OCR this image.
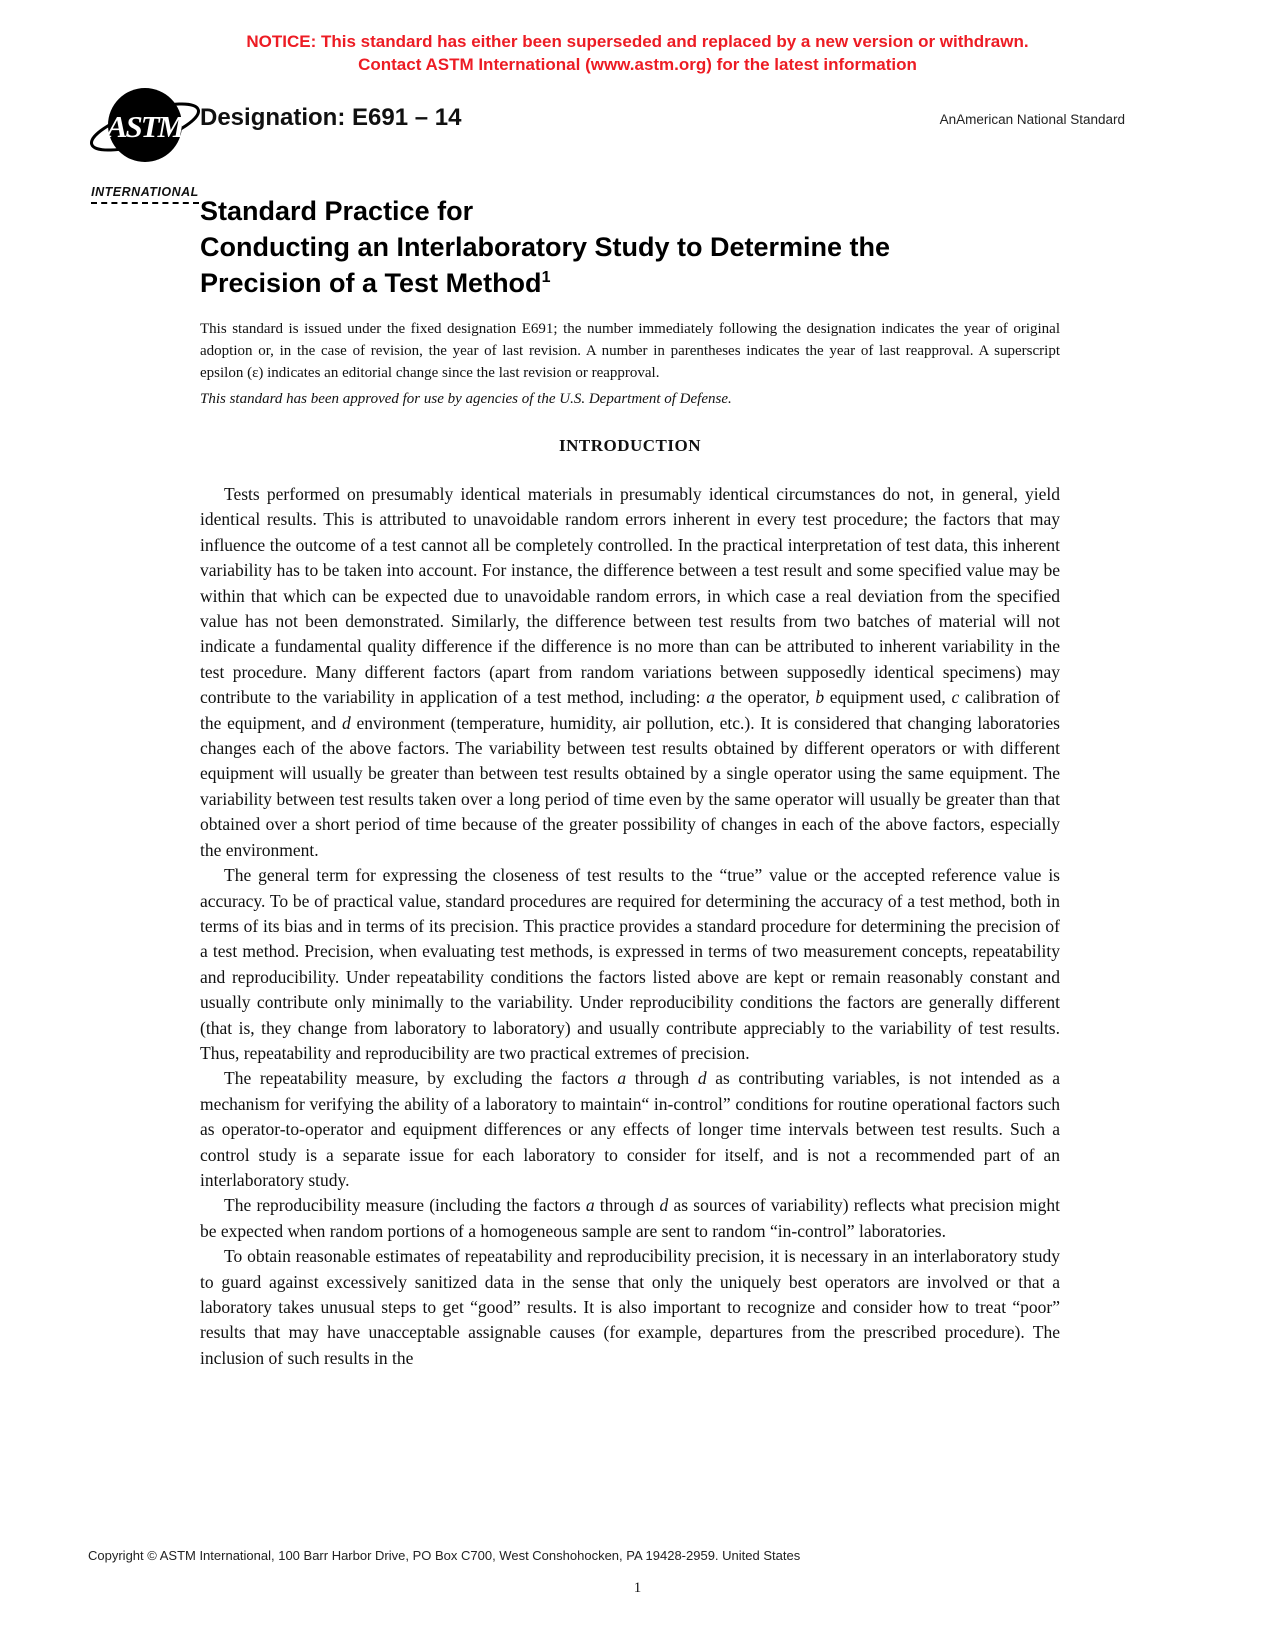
NOTICE: This standard has either been superseded and replaced by a new version or withdrawn.
Contact ASTM International (www.astm.org) for the latest information
ASTM
INTERNATIONAL
Designation: E691 – 14	AnAmerican National Standard
Standard Practice for
Conducting an Interlaboratory Study to Determine the
Precision of a Test Method$^1$
This standard is issued under the fixed designation E691; the number immediately following the designation indicates the year of original adoption or, in the case of revision, the year of last revision. A number in parentheses indicates the year of last reapproval. A superscript epsilon (ε) indicates an editorial change since the last revision or reapproval.
This standard has been approved for use by agencies of the U.S. Department of Defense.
INTRODUCTION

Tests performed on presumably identical materials in presumably identical circumstances do not, in general, yield identical results. This is attributed to unavoidable random errors inherent in every test procedure; the factors that may influence the outcome of a test cannot all be completely controlled. In the practical interpretation of test data, this inherent variability has to be taken into account. For instance, the difference between a test result and some specified value may be within that which can be expected due to unavoidable random errors, in which case a real deviation from the specified value has not been demonstrated. Similarly, the difference between test results from two batches of material will not indicate a fundamental quality difference if the difference is no more than can be attributed to inherent variability in the test procedure. Many different factors (apart from random variations between supposedly identical specimens) may contribute to the variability in application of a test method, including: a the operator, b equipment used, c calibration of the equipment, and d environment (temperature, humidity, air pollution, etc.). It is considered that changing laboratories changes each of the above factors. The variability between test results obtained by different operators or with different equipment will usually be greater than between test results obtained by a single operator using the same equipment. The variability between test results taken over a long period of time even by the same operator will usually be greater than that obtained over a short period of time because of the greater possibility of changes in each of the above factors, especially the environment.

The general term for expressing the closeness of test results to the “true” value or the accepted reference value is accuracy. To be of practical value, standard procedures are required for determining the accuracy of a test method, both in terms of its bias and in terms of its precision. This practice provides a standard procedure for determining the precision of a test method. Precision, when evaluating test methods, is expressed in terms of two measurement concepts, repeatability and reproducibility. Under repeatability conditions the factors listed above are kept or remain reasonably constant and usually contribute only minimally to the variability. Under reproducibility conditions the factors are generally different (that is, they change from laboratory to laboratory) and usually contribute appreciably to the variability of test results. Thus, repeatability and reproducibility are two practical extremes of precision.

The repeatability measure, by excluding the factors a through d as contributing variables, is not intended as a mechanism for verifying the ability of a laboratory to maintain“ in-control” conditions for routine operational factors such as operator-to-operator and equipment differences or any effects of longer time intervals between test results. Such a control study is a separate issue for each laboratory to consider for itself, and is not a recommended part of an interlaboratory study.

The reproducibility measure (including the factors a through d as sources of variability) reflects what precision might be expected when random portions of a homogeneous sample are sent to random “in-control” laboratories.

To obtain reasonable estimates of repeatability and reproducibility precision, it is necessary in an interlaboratory study to guard against excessively sanitized data in the sense that only the uniquely best operators are involved or that a laboratory takes unusual steps to get “good” results. It is also important to recognize and consider how to treat “poor” results that may have unacceptable assignable causes (for example, departures from the prescribed procedure). The inclusion of such results in the

Copyright © ASTM International, 100 Barr Harbor Drive, PO Box C700, West Conshohocken, PA 19428-2959. United States
1
